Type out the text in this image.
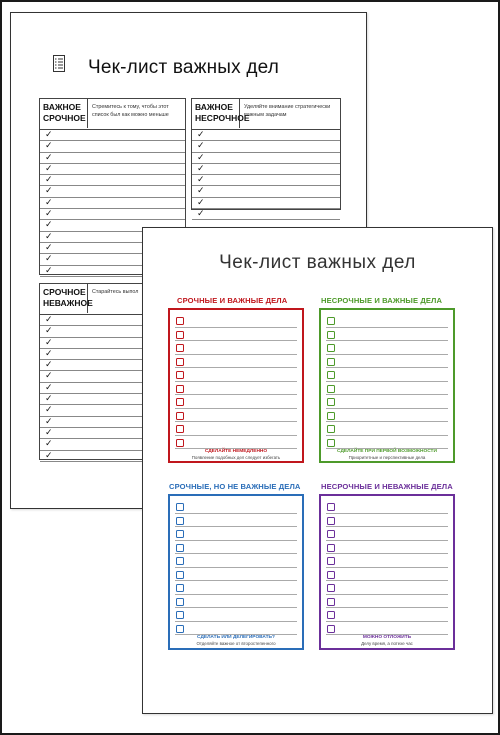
Чек-лист важных дел
ВАЖНОЕ СРОЧНОЕ
Стремитесь к тому, чтобы этот список был как можно меньше
✓
✓
✓
✓
✓
✓
✓
✓
✓
✓
✓
✓
✓
ВАЖНОЕ НЕСРОЧНОЕ
Уделяйте внимание стратегически важным задачам
✓
✓
✓
✓
✓
✓
✓
✓
СРОЧНОЕ НЕВАЖНОЕ
Старайтесь выпол
✓
✓
✓
✓
✓
✓
✓
✓
✓
✓
✓
✓
✓
Чек-лист важных дел
СРОЧНЫЕ И ВАЖНЫЕ ДЕЛА
СДЕЛАЙТЕ НЕМЕДЛЕННО
Появление подобных дел следует избегать
НЕСРОЧНЫЕ И ВАЖНЫЕ ДЕЛА
СДЕЛАЙТЕ ПРИ ПЕРВОЙ ВОЗМОЖНОСТИ
Приоритетные и перспективные дела
СРОЧНЫЕ, НО НЕ ВАЖНЫЕ ДЕЛА
СДЕЛАТЬ ИЛИ ДЕЛЕГИРОВАТЬ?
Отделяйте важное от второстепенного
НЕСРОЧНЫЕ И НЕВАЖНЫЕ ДЕЛА
МОЖНО ОТЛОЖИТЬ
Делу время, а потехе час
